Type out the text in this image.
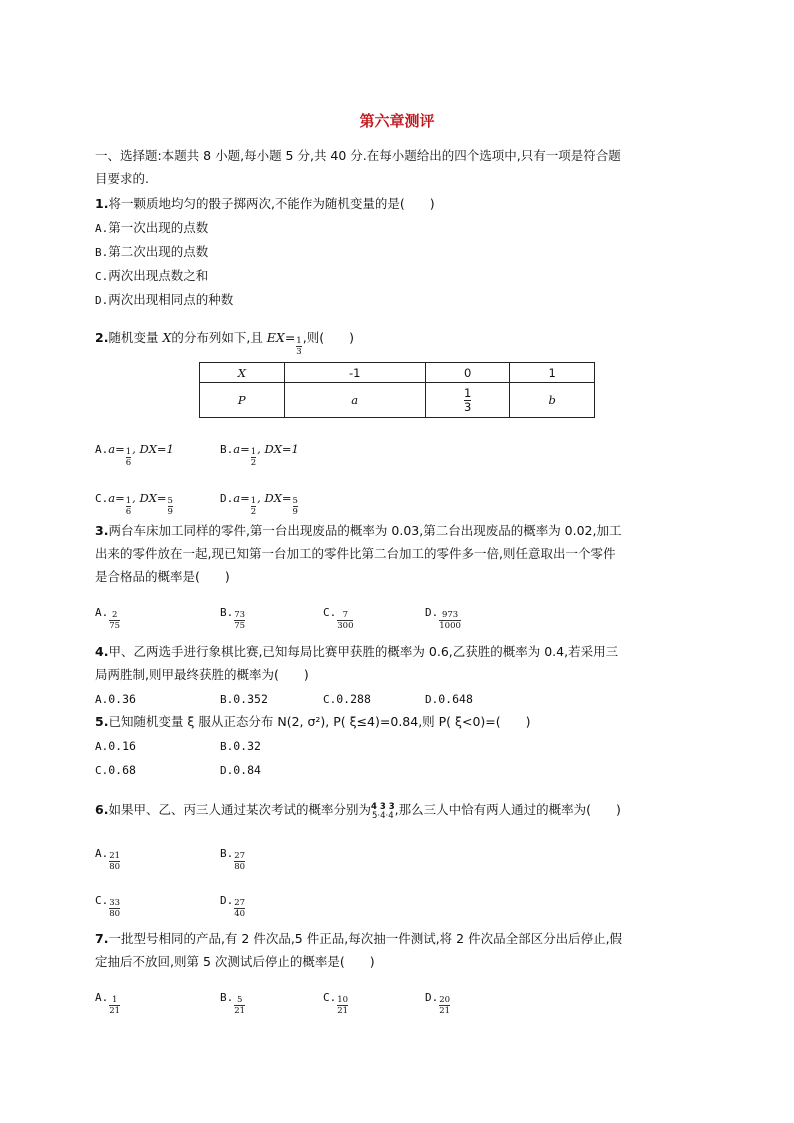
第六章测评
一、选择题:本题共 8 小题,每小题 5 分,共 40 分.在每小题给出的四个选项中,只有一项是符合题
目要求的.
1.将一颗质地均匀的骰子掷两次,不能作为随机变量的是(　　)
A.第一次出现的点数
B.第二次出现的点数
C.两次出现点数之和
D.两次出现相同点的种数
2.随机变量 X的分布列如下,且 $EX= \frac{1}{3}$ ,则(　　)
X	-1	0	1
P	a	$\frac{1}{3}$	b
$A.a= \frac{1}{6}$ , DX=1	$B.a= \frac{1}{2}$ , DX=1
$C.a= \frac{1}{6}$ , $DX= \frac{5}{9}$	$D.a= \frac{1}{2}$ , $DX= \frac{5}{9}$
3.两台车床加工同样的零件,第一台出现废品的概率为 0.03,第二台出现废品的概率为 0.02,加工
出来的零件放在一起,现已知第一台加工的零件比第二台加工的零件多一倍,则任意取出一个零件
是合格品的概率是(　　)
A. $\frac{2}{75}$	B. $\frac{73}{75}$	C. $\frac{7}{300}$	D. $\frac{973}{1000}$
4.甲、乙两选手进行象棋比赛,已知每局比赛甲获胜的概率为 0.6,乙获胜的概率为 0.4,若采用三
局两胜制,则甲最终获胜的概率为(　　)
A.0.36	B.0.352	C.0.288	D.0.648
5.已知随机变量 ξ 服从正态分布 N(2, σ²), P( ξ≤4)=0.84,则 P( ξ<0)=(　　)
A.0.16	B.0.32
C.0.68	D.0.84
6.如果甲、乙、丙三人通过某次考试的概率分别为 4 3 3
5·4·4 ,那么三人中恰有两人通过的概率为(　　)
A. $\frac{21}{80}$	B. $\frac{27}{80}$
C. $\frac{33}{80}$	D. $\frac{27}{40}$
7.一批型号相同的产品,有 2 件次品,5 件正品,每次抽一件测试,将 2 件次品全部区分出后停止,假
定抽后不放回,则第 5 次测试后停止的概率是(　　)
A. $\frac{1}{21}$	B. $\frac{5}{21}$	C. $\frac{10}{21}$	D. $\frac{20}{21}$
